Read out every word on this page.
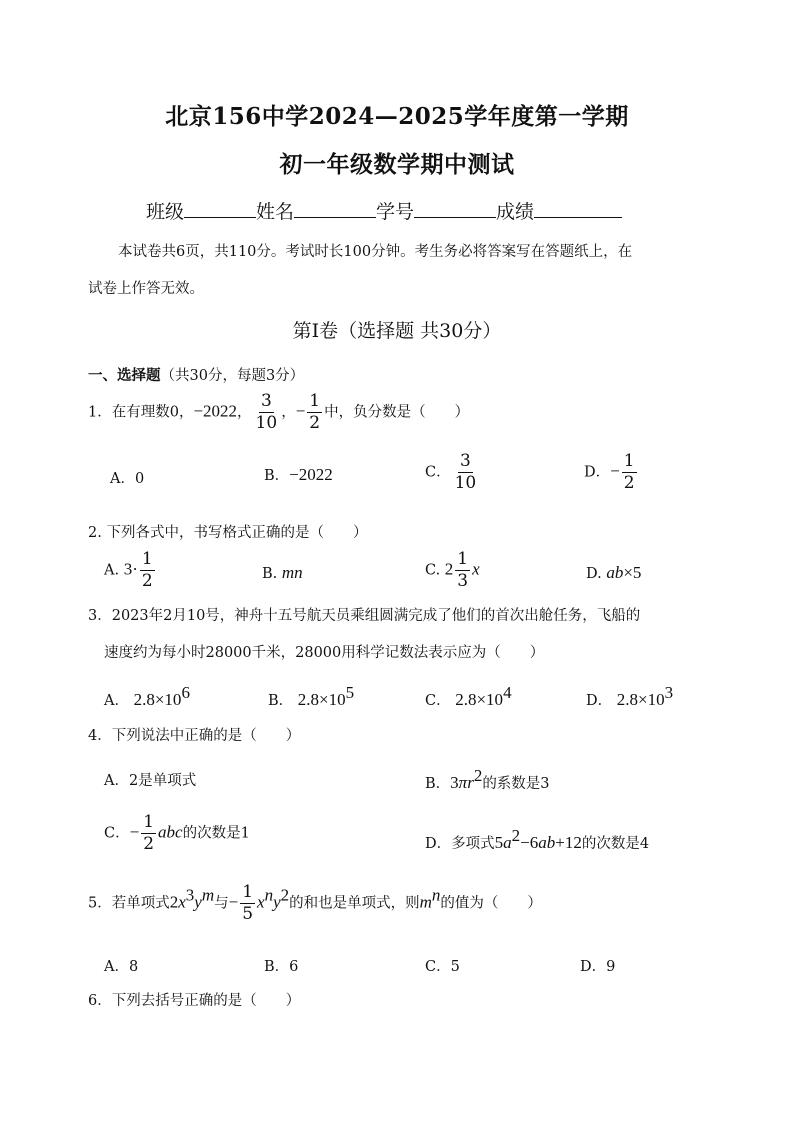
北京156中学2024—2025学年度第一学期
初一年级数学期中测试
班级	姓名	学号	成绩
本试卷共6页，共110分。考试时长100分钟。考生务必将答案写在答题纸上，在
试卷上作答无效。
第Ⅰ卷（选择题 共30分）
一、选择题（共30分，每题3分）
1．在有理数0，−2022， $\frac{3}{10}$ ，− $\frac{1}{2}$ 中，负分数是（　　）
A．0	B．−2022	C． $\frac{3}{10}$	D．− $\frac{1}{2}$
2. 下列各式中，书写格式正确的是（　　）
A. $3\cdot \frac{1}{2}$	B. mn	C. $2 \frac{1}{3}$ x	D. ab×5
3．2023年2月10号，神舟十五号航天员乘组圆满完成了他们的首次出舱任务，飞船的
速度约为每小时28000千米，28000用科学记数法表示应为（　　）
A． $2.8\times 10^6$	B． $2.8\times 10^5$	C． $2.8\times 10^4$	D． $2.8\times 10^3$
4．下列说法中正确的是（　　）
A．2是单项式	B．$3\pi r^2$的系数是3
C．− $\frac{1}{2}$ abc的次数是1
D．多项式$5a^2-6ab+12$的次数是4
5．若单项式$2x^3y^m$与− $\frac{1}{5} x^ny^2$的和也是单项式，则$m^n$的值为（　　）
A．8	B．6	C．5	D．9
6．下列去括号正确的是（　　）
